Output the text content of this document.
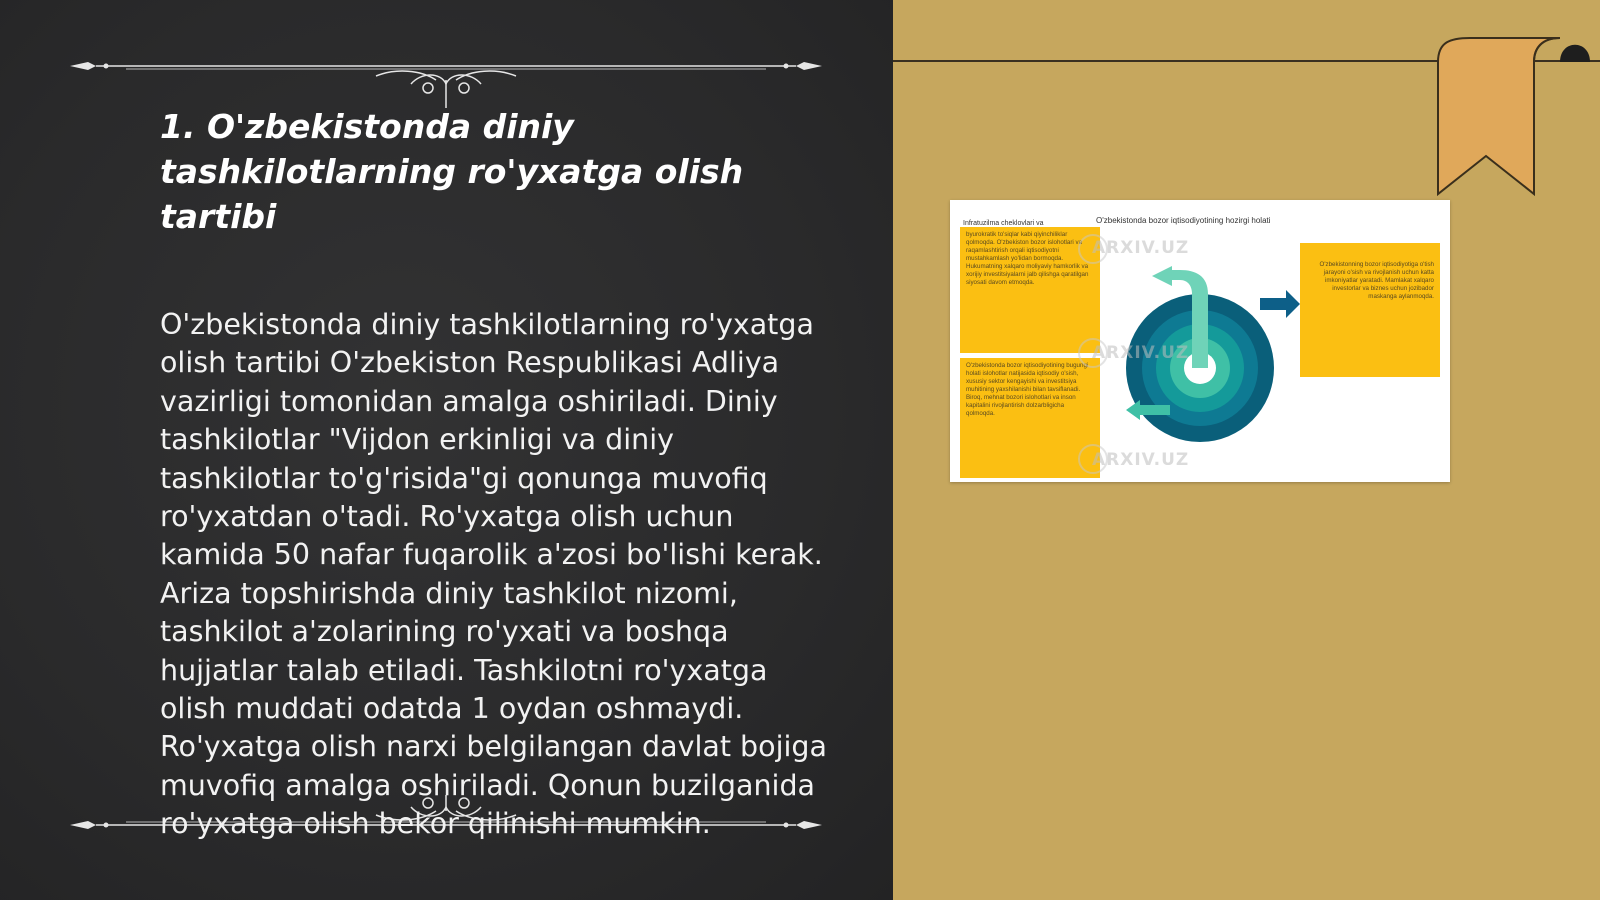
1. O'zbekistonda diniy tashkilotlarning ro'yxatga olish tartibi

O'zbekistonda diniy tashkilotlarning ro'yxatga olish tartibi O'zbekiston Respublikasi Adliya vazirligi tomonidan amalga oshiriladi. Diniy tashkilotlar "Vijdon erkinligi va diniy tashkilotlar to'g'risida"gi qonunga muvofiq ro'yxatdan o'tadi. Ro'yxatga olish uchun kamida 50 nafar fuqarolik a'zosi bo'lishi kerak. Ariza topshirishda diniy tashkilot nizomi, tashkilot a'zolarining ro'yxati va boshqa hujjatlar talab etiladi. Tashkilotni ro'yxatga olish muddati odatda 1 oydan oshmaydi. Ro'yxatga olish narxi belgilangan davlat bojiga muvofiq amalga oshiriladi. Qonun buzilganida ro'yxatga olish bekor qilinishi mumkin.

O'zbekistonda bozor iqtisodiyotining hozirgi holati
Infratuzilma cheklovlari va
byurokratik to'siqlar kabi qiyinchiliklar qolmoqda. O'zbekiston bozor islohotlari va raqamlashtirish orqali iqtisodiyotni mustahkamlash yo'lidan bormoqda. Hukumatning xalqaro moliyaviy hamkorlik va xorijiy investitsiyalarni jalb qilishga qaratilgan siyosati davom etmoqda.
O'zbekistonda bozor iqtisodiyotining bugungi holati islohotlar natijasida iqtisodiy o'sish, xususiy sektor kengayishi va investitsiya muhitining yaxshilanishi bilan tavsiflanadi. Biroq, mehnat bozori islohotlari va inson kapitalini rivojlantirish dolzarbligicha qolmoqda.
O'zbekistonning bozor iqtisodiyotiga o'tish jarayoni o'sish va rivojlanish uchun katta imkoniyatlar yaratadi. Mamlakat xalqaro investorlar va biznes uchun jozibador maskanga aylanmoqda.
ARXIV.UZ
ARXIV.UZ
ARXIV.UZ
